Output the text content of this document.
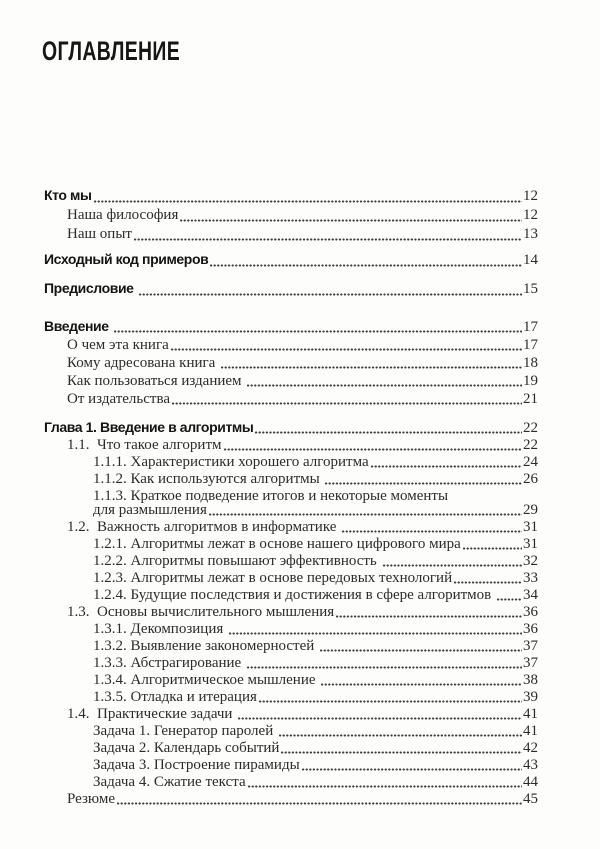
ОГЛАВЛЕНИЕ
Кто мы	12
Наша философия	12
Наш опыт	13
Исходный код примеров	14
Предисловие	15
Введение	17
О чем эта книга	17
Кому адресована книга	18
Как пользоваться изданием	19
От издательства	21
Глава 1. Введение в алгоритмы	22
1.1.  Что такое алгоритм	22
1.1.1. Характеристики хорошего алгоритма	24
1.1.2. Как используются алгоритмы	26
1.1.3. Краткое подведение итогов и некоторые моменты
для размышления	29
1.2.  Важность алгоритмов в информатике	31
1.2.1. Алгоритмы лежат в основе нашего цифрового мира	31
1.2.2. Алгоритмы повышают эффективность	32
1.2.3. Алгоритмы лежат в основе передовых технологий	33
1.2.4. Будущие последствия и достижения в сфере алгоритмов 34
1.3.  Основы вычислительного мышления	36
1.3.1. Декомпозиция	36
1.3.2. Выявление закономерностей	37
1.3.3. Абстрагирование	37
1.3.4. Алгоритмическое мышление	38
1.3.5. Отладка и итерация	39
1.4.  Практические задачи	41
Задача 1. Генератор паролей	41
Задача 2. Календарь событий	42
Задача 3. Построение пирамиды	43
Задача 4. Сжатие текста	44
Резюме	45
